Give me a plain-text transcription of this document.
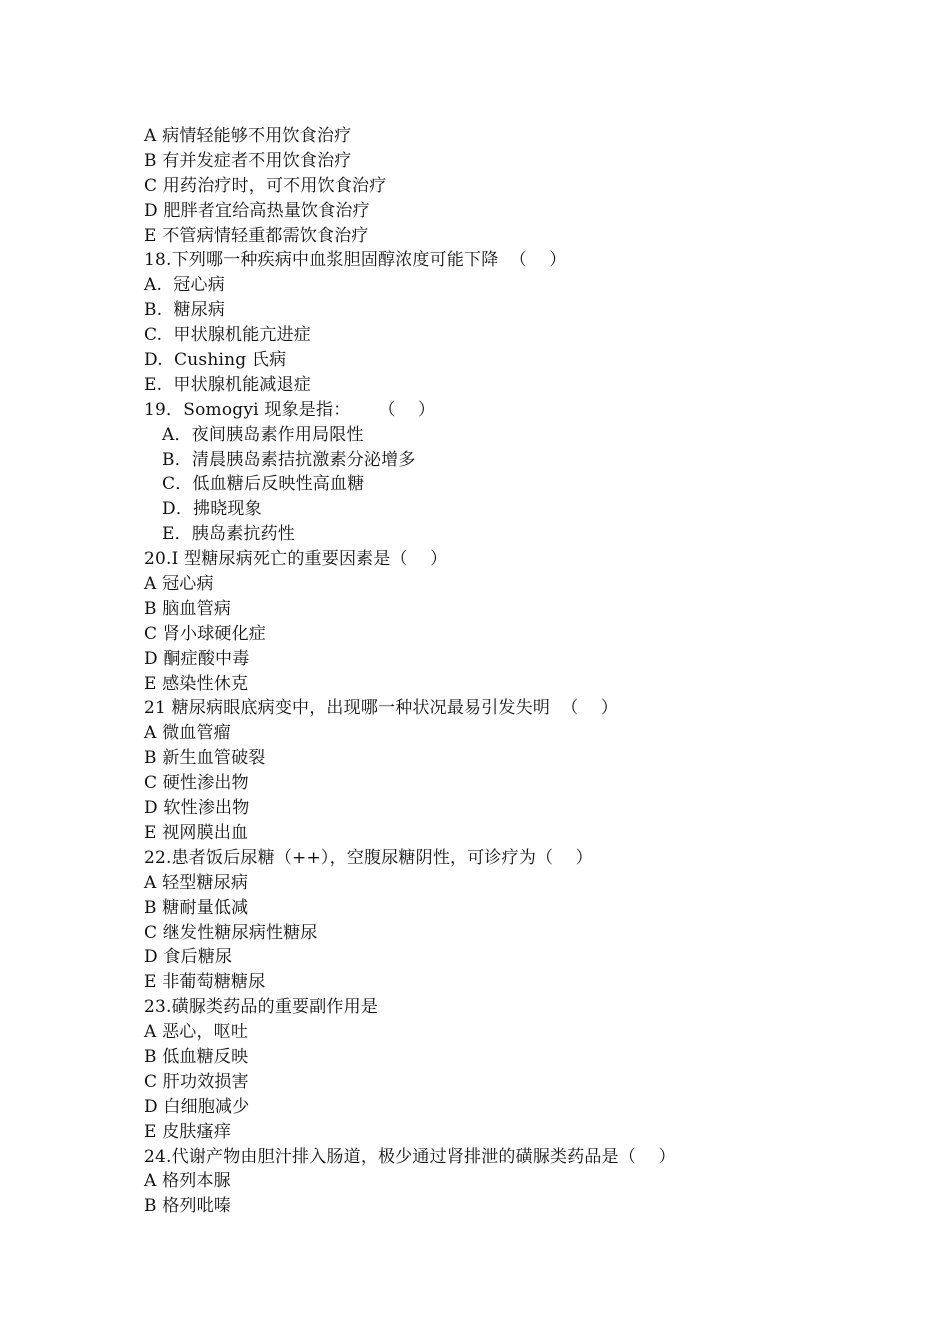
A 病情轻能够不用饮食治疗
B 有并发症者不用饮食治疗
C 用药治疗时，可不用饮食治疗
D 肥胖者宜给高热量饮食治疗
E 不管病情轻重都需饮食治疗
18.下列哪一种疾病中血浆胆固醇浓度可能下降  （    ）
A.  冠心病
B.  糖尿病
C.  甲状腺机能亢进症
D.  Cushing 氏病
E.  甲状腺机能减退症
19．Somogyi 现象是指：     （    ）
A．夜间胰岛素作用局限性
B．清晨胰岛素拮抗激素分泌增多
C．低血糖后反映性高血糖
D．拂晓现象
E．胰岛素抗药性
20.Ⅰ 型糖尿病死亡的重要因素是（    ）
A 冠心病
B 脑血管病
C 肾小球硬化症
D 酮症酸中毒
E 感染性休克
21 糖尿病眼底病变中，出现哪一种状况最易引发失明  （    ）
A 微血管瘤
B 新生血管破裂
C 硬性渗出物
D 软性渗出物
E 视网膜出血
22.患者饭后尿糖（++），空腹尿糖阴性，可诊疗为（    ）
A 轻型糖尿病
B 糖耐量低减
C 继发性糖尿病性糖尿
D 食后糖尿
E 非葡萄糖糖尿
23.磺脲类药品的重要副作用是
A 恶心，呕吐
B 低血糖反映
C 肝功效损害
D 白细胞减少
E 皮肤瘙痒
24.代谢产物由胆汁排入肠道，极少通过肾排泄的磺脲类药品是（    ）
A 格列本脲
B 格列吡嗪
